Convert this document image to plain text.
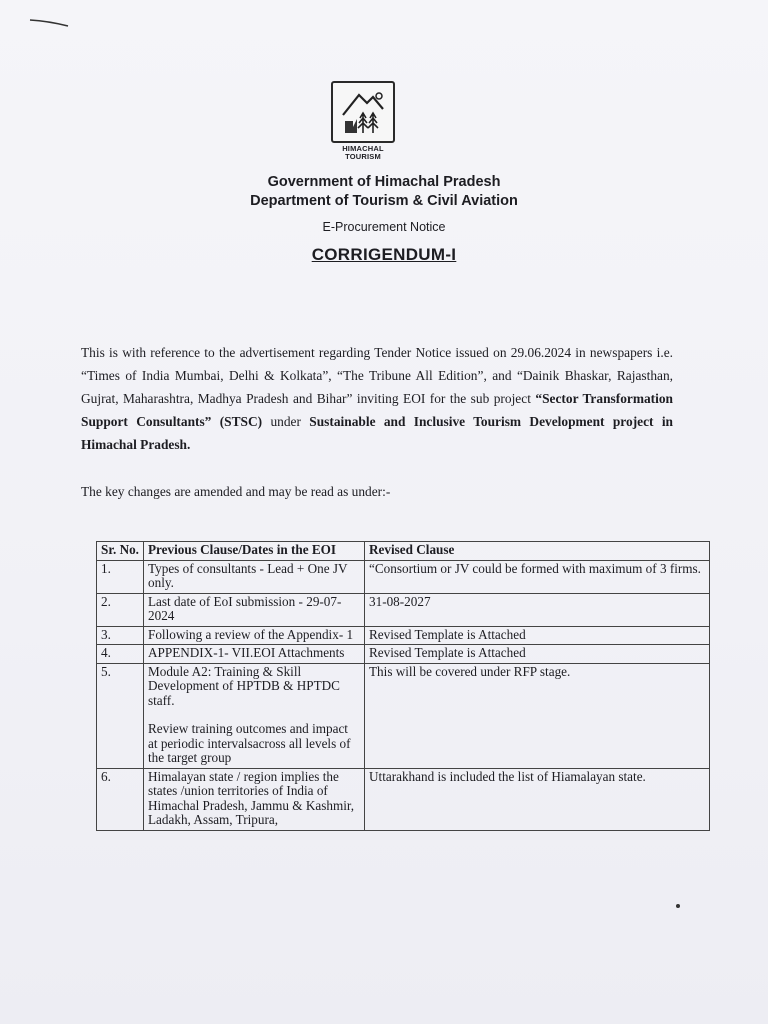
HIMACHAL
TOURISM
Government of Himachal Pradesh
Department of Tourism & Civil Aviation
E-Procurement Notice
CORRIGENDUM-I
This is with reference to the advertisement regarding Tender Notice issued on 29.06.2024 in newspapers i.e. “Times of India Mumbai, Delhi & Kolkata”, “The Tribune All Edition”, and “Dainik Bhaskar, Rajasthan, Gujrat, Maharashtra, Madhya Pradesh and Bihar” inviting EOI for the sub project “Sector Transformation Support Consultants” (STSC) under Sustainable and Inclusive Tourism Development project in Himachal Pradesh.
The key changes are amended and may be read as under:-
Sr. No.	Previous Clause/Dates in the EOI	Revised Clause
1.	Types of consultants - Lead + One JV only.	“Consortium or JV could be formed with maximum of 3 firms.
2.	Last date of EoI submission - 29-07-2024	31-08-2027
3.	Following a review of the Appendix- 1	Revised Template is Attached
4.	APPENDIX-1- VII.EOI Attachments	Revised Template is Attached
5.	Module A2: Training & Skill Development of HPTDB & HPTDC staff.
Review training outcomes and impact at periodic intervalsacross all levels of the target group	This will be covered under RFP stage.
6.	Himalayan state / region implies the states /union territories of India of Himachal Pradesh, Jammu & Kashmir, Ladakh, Assam, Tripura,	Uttarakhand is included the list of Hiamalayan state.
